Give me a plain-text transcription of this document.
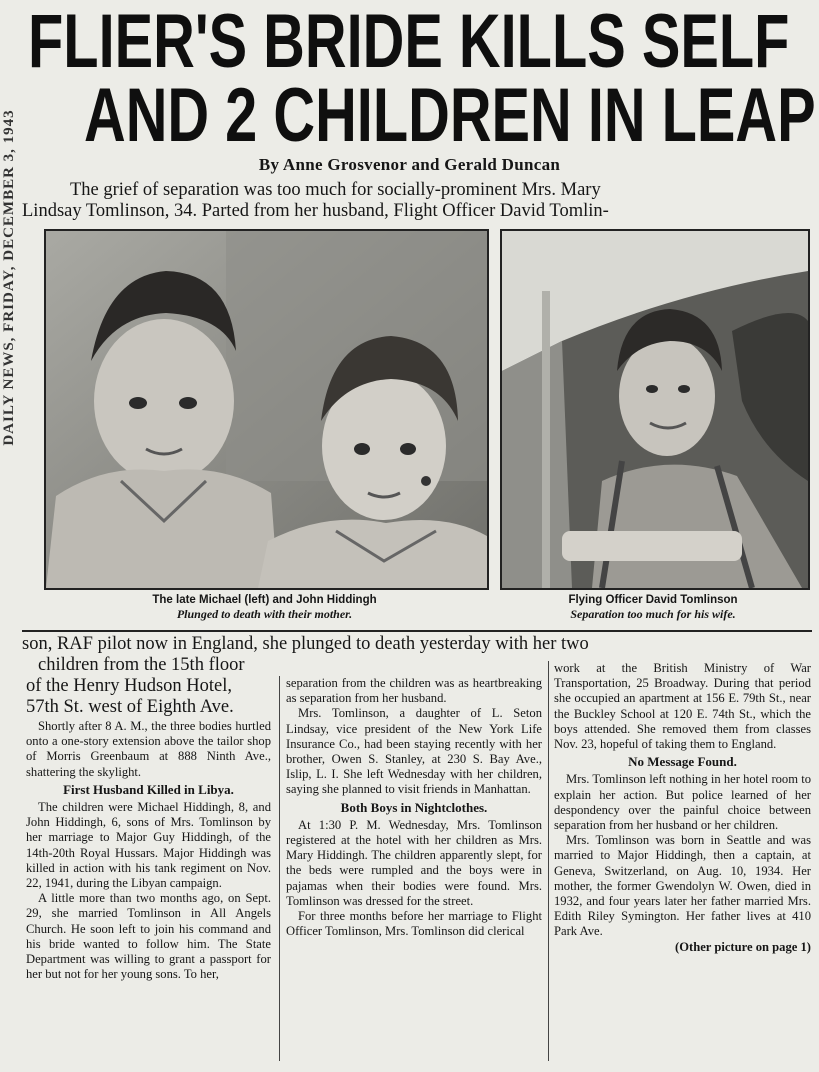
DAILY NEWS, FRIDAY, DECEMBER 3, 1943
FLIER'S BRIDE KILLS SELF
AND 2 CHILDREN IN LEAP
By Anne Grosvenor and Gerald Duncan
The grief of separation was too much for socially-prominent Mrs. Mary
Lindsay Tomlinson, 34. Parted from her husband, Flight Officer David Tomlin-
The late Michael (left) and John Hiddingh
Plunged to death with their mother.
Flying Officer David Tomlinson
Separation too much for his wife.
son, RAF pilot now in England, she plunged to death yesterday with her two
children from the 15th floor
of the Henry Hudson Hotel,

57th St. west of Eighth Ave.

Shortly after 8 A. M., the three bodies hurtled onto a one-story extension above the tailor shop of Morris Greenbaum at 888 Ninth Ave., shattering the skylight.

First Husband Killed in Libya.

The children were Michael Hiddingh, 8, and John Hiddingh, 6, sons of Mrs. Tomlinson by her marriage to Major Guy Hiddingh, of the 14th-20th Royal Hussars. Major Hiddingh was killed in action with his tank regiment on Nov. 22, 1941, during the Libyan campaign.

A little more than two months ago, on Sept. 29, she married Tomlinson in All Angels Church. He soon left to join his command and his bride wanted to follow him. The State Department was willing to grant a passport for her but not for her young sons. To her,

separation from the children was as heartbreaking as separation from her husband.

Mrs. Tomlinson, a daughter of L. Seton Lindsay, vice president of the New York Life Insurance Co., had been staying recently with her brother, Owen S. Stanley, at 230 S. Bay Ave., Islip, L. I. She left Wednesday with her children, saying she planned to visit friends in Manhattan.

Both Boys in Nightclothes.

At 1:30 P. M. Wednesday, Mrs. Tomlinson registered at the hotel with her children as Mrs. Mary Hiddingh. The children apparently slept, for the beds were rumpled and the boys were in pajamas when their bodies were found. Mrs. Tomlinson was dressed for the street.

For three months before her marriage to Flight Officer Tomlinson, Mrs. Tomlinson did clerical

work at the British Ministry of War Transportation, 25 Broadway. During that period she occupied an apartment at 156 E. 79th St., near the Buckley School at 120 E. 74th St., which the boys attended. She removed them from classes Nov. 23, hopeful of taking them to England.

No Message Found.

Mrs. Tomlinson left nothing in her hotel room to explain her action. But police learned of her despondency over the painful choice between separation from her husband or her children.

Mrs. Tomlinson was born in Seattle and was married to Major Hiddingh, then a captain, at Geneva, Switzerland, on Aug. 10, 1934. Her mother, the former Gwendolyn W. Owen, died in 1932, and four years later her father married Mrs. Edith Riley Symington. Her father lives at 410 Park Ave.

(Other picture on page 1)
